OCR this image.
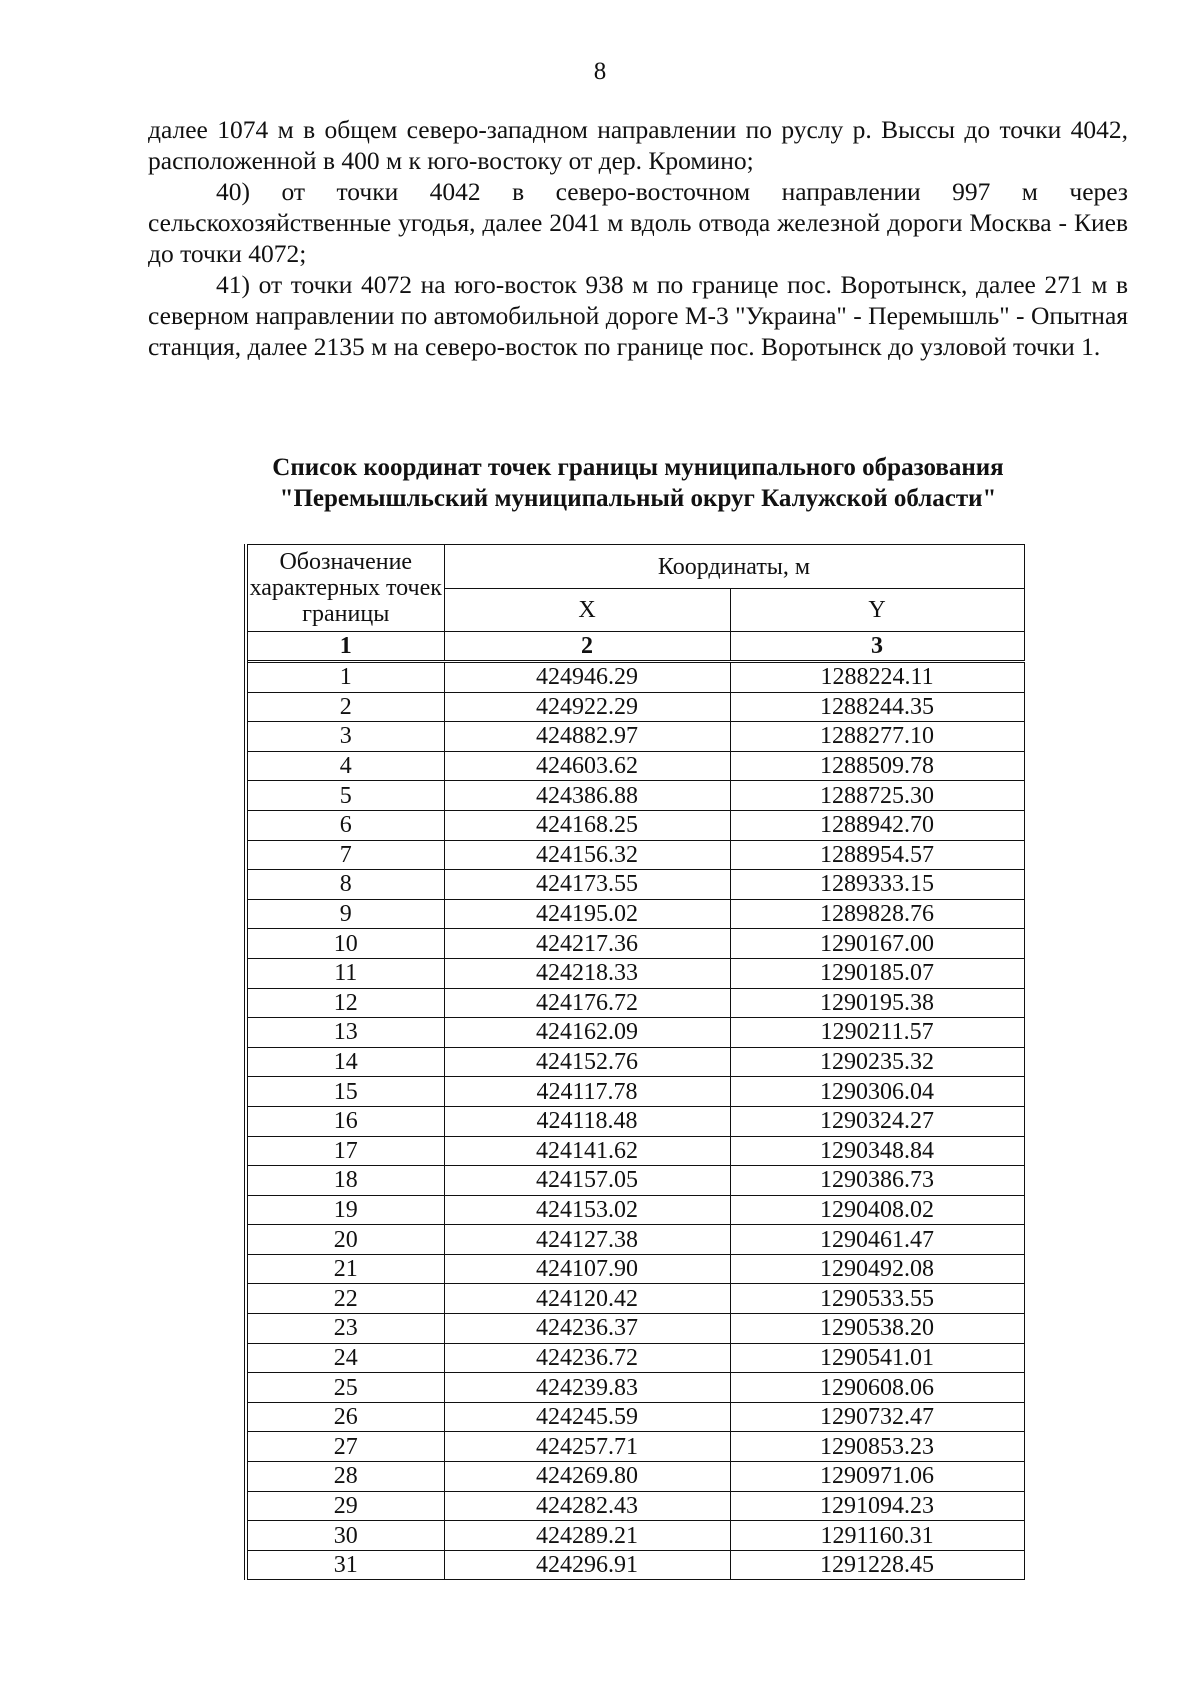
8

далее 1074 м в общем северо-западном направлении по руслу р. Выссы до точки 4042, расположенной в 400 м к юго-востоку от дер. Кромино;

40) от точки 4042 в северо-восточном направлении 997 м через сельскохозяйственные угодья, далее 2041 м вдоль отвода железной дороги Москва - Киев до точки 4072;

41) от точки 4072 на юго-восток 938 м по границе пос. Воротынск, далее 271 м в северном направлении по автомобильной дороге М-3 "Украина" - Перемышль" - Опытная станция, далее 2135 м на северо-восток по границе пос. Воротынск до узловой точки 1.

Список координат точек границы муниципального образования
"Перемышльский муниципальный округ Калужской области"
Обозначение характерных точек границы	Координаты, м	
	X	Y
1	2	3
1	424946.29	1288224.11
2	424922.29	1288244.35
3	424882.97	1288277.10
4	424603.62	1288509.78
5	424386.88	1288725.30
6	424168.25	1288942.70
7	424156.32	1288954.57
8	424173.55	1289333.15
9	424195.02	1289828.76
10	424217.36	1290167.00
11	424218.33	1290185.07
12	424176.72	1290195.38
13	424162.09	1290211.57
14	424152.76	1290235.32
15	424117.78	1290306.04
16	424118.48	1290324.27
17	424141.62	1290348.84
18	424157.05	1290386.73
19	424153.02	1290408.02
20	424127.38	1290461.47
21	424107.90	1290492.08
22	424120.42	1290533.55
23	424236.37	1290538.20
24	424236.72	1290541.01
25	424239.83	1290608.06
26	424245.59	1290732.47
27	424257.71	1290853.23
28	424269.80	1290971.06
29	424282.43	1291094.23
30	424289.21	1291160.31
31	424296.91	1291228.45
